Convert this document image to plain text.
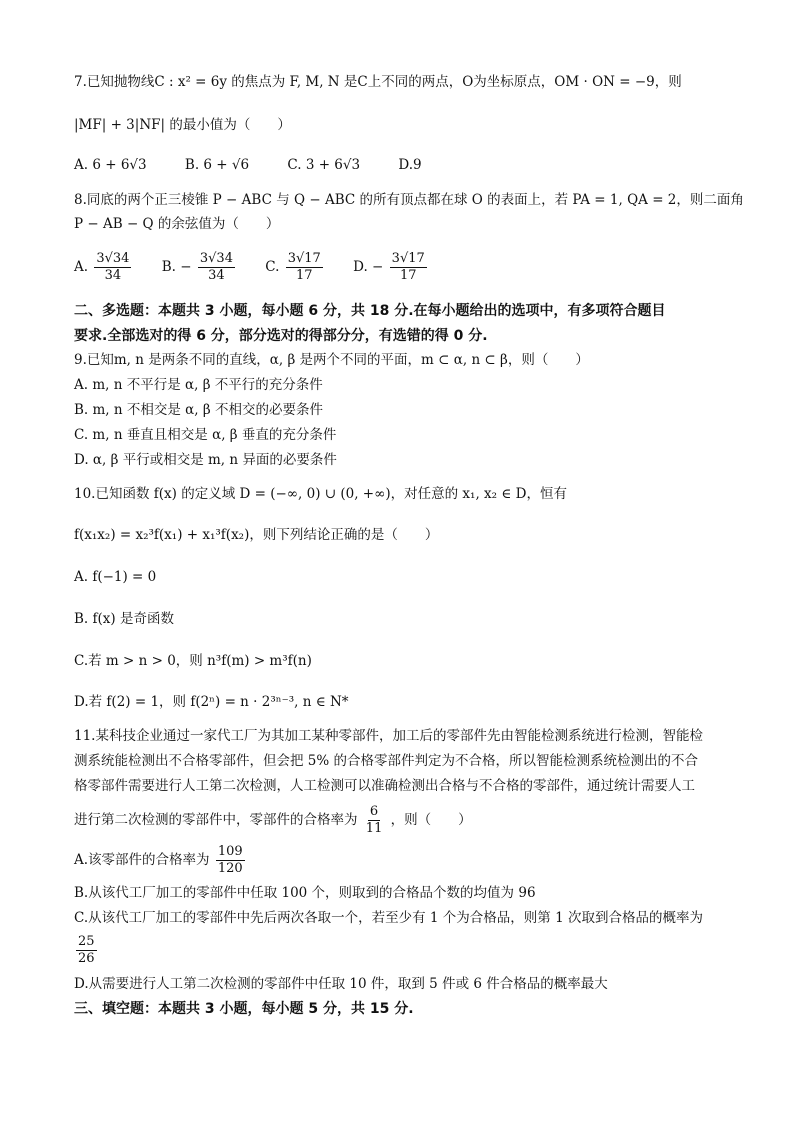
7.已知抛物线C : x² = 6y 的焦点为 F, M, N 是C上不同的两点，O为坐标原点，OM · ON = −9，则
|MF| + 3|NF| 的最小值为（　　）
A. 6 + 6√3	B. 6 + √6	C. 3 + 6√3	D.9
8.同底的两个正三棱锥 P − ABC 与 Q − ABC 的所有顶点都在球 O 的表面上，若 PA = 1, QA = 2，则二面角
P − AB − Q 的余弦值为（　　）
A. $\frac{3√34}{34} B$. − $\frac{3√34}{34} C$. $\frac{3√17}{17} D$. − $\frac{3√17}{17}$
二、多选题：本题共 3 小题，每小题 6 分，共 18 分.在每小题给出的选项中，有多项符合题目
要求.全部选对的得 6 分，部分选对的得部分分，有选错的得 0 分.
9.已知m, n 是两条不同的直线，α, β 是两个不同的平面，m ⊂ α, n ⊂ β，则（　　）
A. m, n 不平行是 α, β 不平行的充分条件
B. m, n 不相交是 α, β 不相交的必要条件
C. m, n 垂直且相交是 α, β 垂直的充分条件
D. α, β 平行或相交是 m, n 异面的必要条件
10.已知函数 f(x) 的定义域 D = (−∞, 0) ∪ (0, +∞)，对任意的 x₁, x₂ ∈ D，恒有
f(x₁x₂) = x₂³f(x₁) + x₁³f(x₂)，则下列结论正确的是（　　）
A. f(−1) = 0
B. f(x) 是奇函数
C.若 m > n > 0，则 n³f(m) > m³f(n)
D.若 f(2) = 1，则 f(2ⁿ) = n · 2³ⁿ⁻³, n ∈ N*
11.某科技企业通过一家代工厂为其加工某种零部件，加工后的零部件先由智能检测系统进行检测，智能检
测系统能检测出不合格零部件，但会把 5% 的合格零部件判定为不合格，所以智能检测系统检测出的不合
格零部件需要进行人工第二次检测，人工检测可以准确检测出合格与不合格的零部件，通过统计需要人工
进行第二次检测的零部件中，零部件的合格率为 $\frac{6}{11}$ ，则（　　）
A.该零部件的合格率为 $\frac{109}{120}$
B.从该代工厂加工的零部件中任取 100 个，则取到的合格品个数的均值为 96
C.从该代工厂加工的零部件中先后两次各取一个，若至少有 1 个为合格品，则第 1 次取到合格品的概率为
$\frac{25}{26}$
D.从需要进行人工第二次检测的零部件中任取 10 件，取到 5 件或 6 件合格品的概率最大
三、填空题：本题共 3 小题，每小题 5 分，共 15 分.
